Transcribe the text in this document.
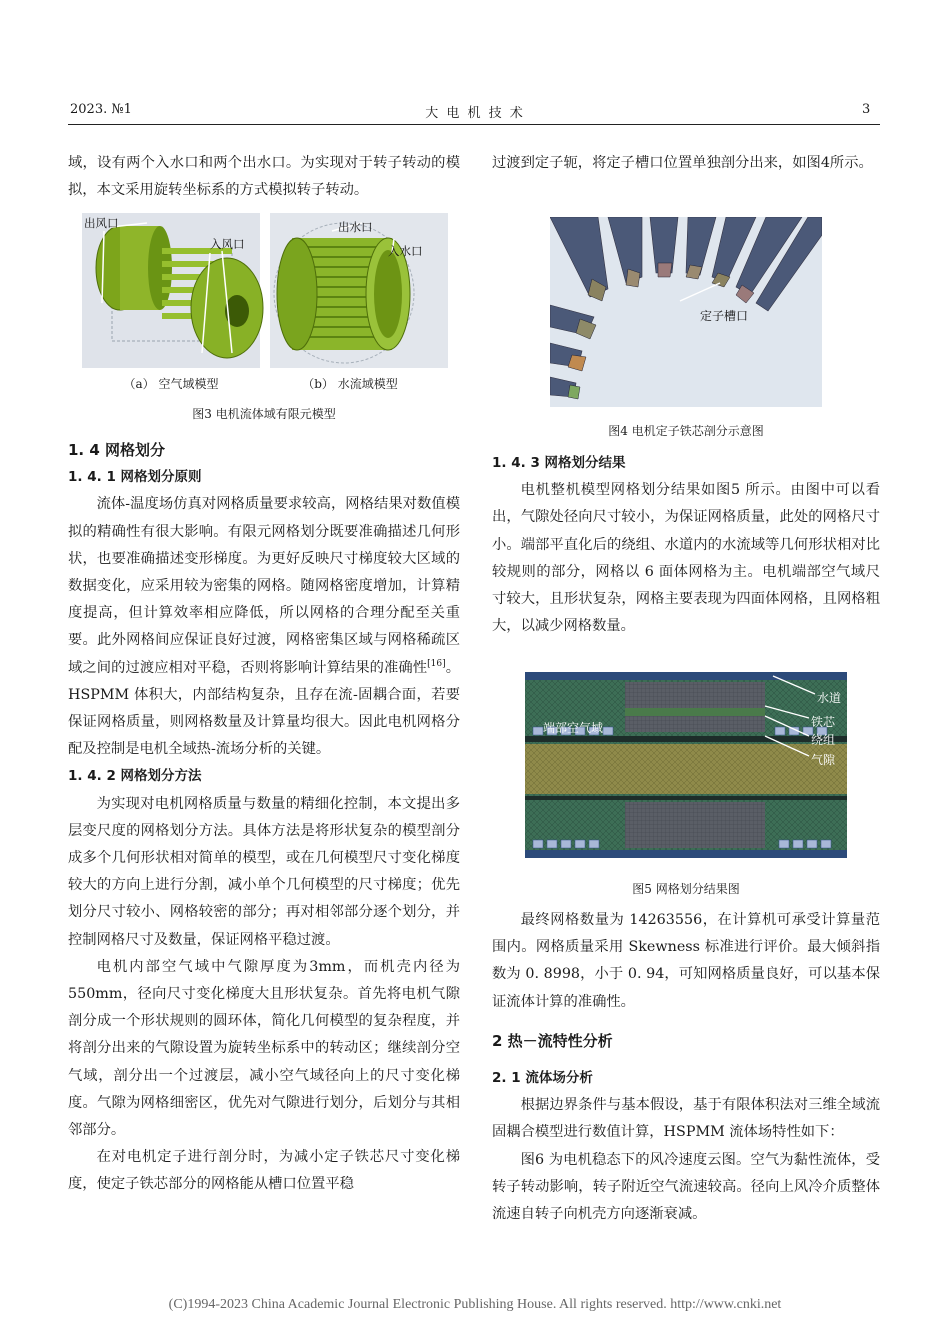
2023. №1	大 电 机 技 术	3

域，设有两个入水口和两个出水口。为实现对于转子转动的模拟，本文采用旋转坐标系的方式模拟转子转动。

出风口
入风口
出水口
入水口
（a） 空气域模型	（b） 水流域模型
图3 电机流体域有限元模型

1. 4 网格划分

1. 4. 1 网格划分原则

流体-温度场仿真对网格质量要求较高，网格结果对数值模拟的精确性有很大影响。有限元网格划分既要准确描述几何形状，也要准确描述变形梯度。为更好反映尺寸梯度较大区域的数据变化，应采用较为密集的网格。随网格密度增加，计算精度提高，但计算效率相应降低，所以网格的合理分配至关重要。此外网格间应保证良好过渡，网格密集区域与网格稀疏区域之间的过渡应相对平稳，否则将影响计算结果的准确性[16]。HSPMM 体积大，内部结构复杂，且存在流-固耦合面，若要保证网格质量，则网格数量及计算量均很大。因此电机网格分配及控制是电机全域热-流场分析的关键。

1. 4. 2 网格划分方法

为实现对电机网格质量与数量的精细化控制，本文提出多层变尺度的网格划分方法。具体方法是将形状复杂的模型剖分成多个几何形状相对简单的模型，或在几何模型尺寸变化梯度较大的方向上进行分割，减小单个几何模型的尺寸梯度；优先划分尺寸较小、网格较密的部分；再对相邻部分逐个划分，并控制网格尺寸及数量，保证网格平稳过渡。

电机内部空气域中气隙厚度为3mm，而机壳内径为550mm，径向尺寸变化梯度大且形状复杂。首先将电机气隙剖分成一个形状规则的圆环体，简化几何模型的复杂程度，并将剖分出来的气隙设置为旋转坐标系中的转动区；继续剖分空气域，剖分出一个过渡层，减小空气域径向上的尺寸变化梯度。气隙为网格细密区，优先对气隙进行划分，后划分与其相邻部分。

在对电机定子进行剖分时，为减小定子铁芯尺寸变化梯度，使定子铁芯部分的网格能从槽口位置平稳

过渡到定子轭，将定子槽口位置单独剖分出来，如图4所示。

定子槽口
图4 电机定子铁芯剖分示意图

1. 4. 3 网格划分结果

电机整机模型网格划分结果如图5 所示。由图中可以看出，气隙处径向尺寸较小，为保证网格质量，此处的网格尺寸小。端部平直化后的绕组、水道内的水流域等几何形状相对比较规则的部分，网格以 6 面体网格为主。电机端部空气域尺寸较大，且形状复杂，网格主要表现为四面体网格，且网格粗大，以减少网格数量。

端部空气域
水道
铁芯
绕组
气隙
图5 网格划分结果图

最终网格数量为 14263556，在计算机可承受计算量范围内。网格质量采用 Skewness 标准进行评价。最大倾斜指数为 0. 8998，小于 0. 94，可知网格质量良好，可以基本保证流体计算的准确性。

2 热－流特性分析

2. 1 流体场分析

根据边界条件与基本假设，基于有限体积法对三维全域流固耦合模型进行数值计算，HSPMM 流体场特性如下：

图6 为电机稳态下的风冷速度云图。空气为黏性流体，受转子转动影响，转子附近空气流速较高。径向上风冷介质整体流速自转子向机壳方向逐渐衰减。

(C)1994-2023 China Academic Journal Electronic Publishing House. All rights reserved. http://www.cnki.net
